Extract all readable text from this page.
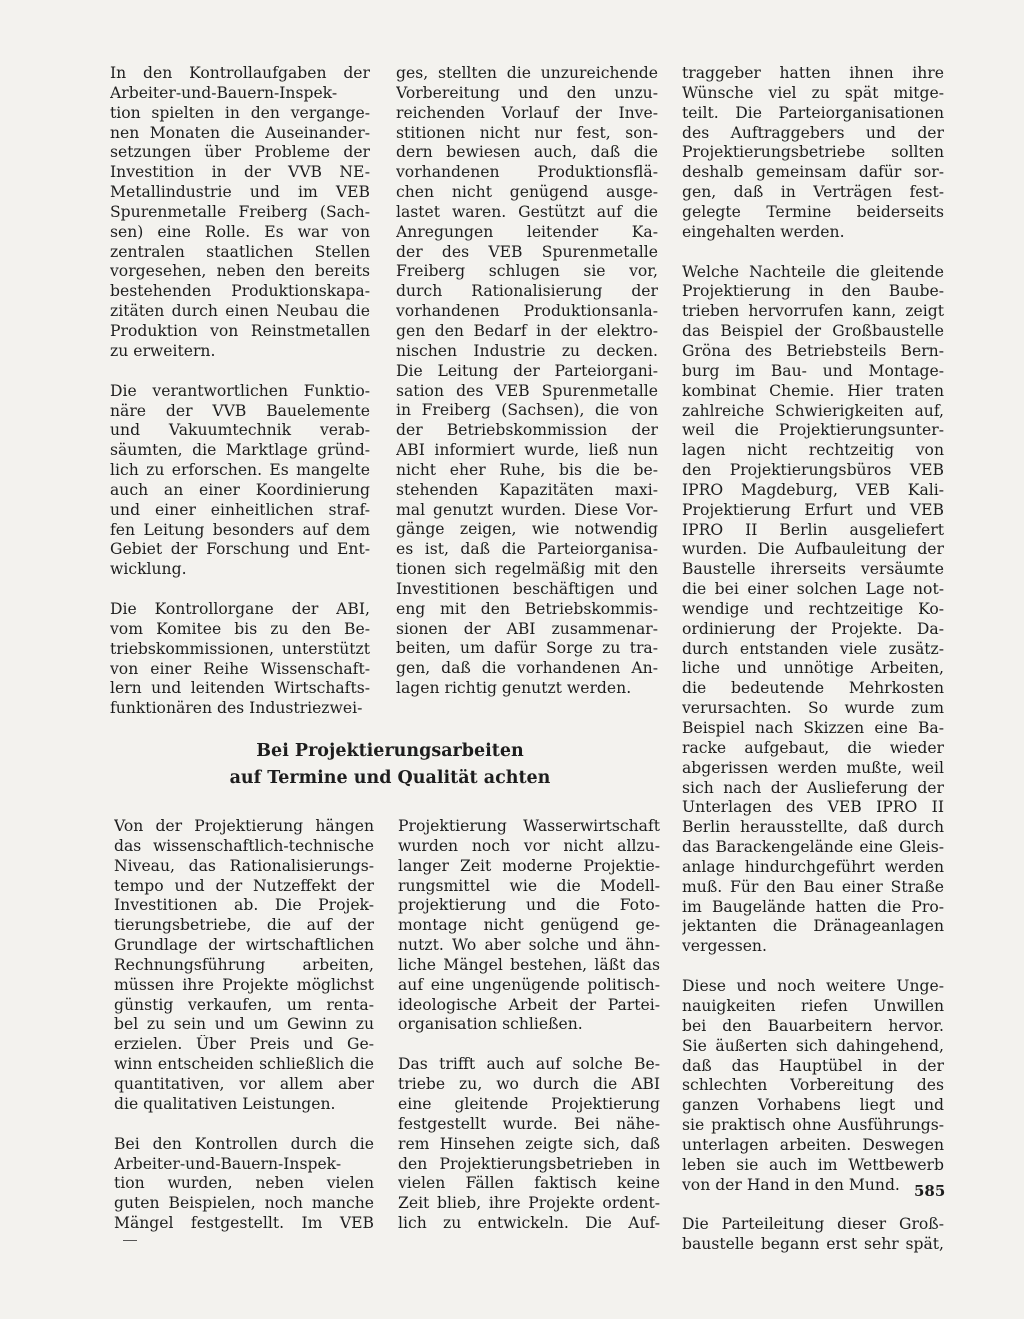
In den Kontrollaufgaben der
Arbeiter-und-Bauern-Inspek-
tion spielten in den vergange-
nen Monaten die Auseinander-
setzungen über Probleme der
Investition in der VVB NE-
Metallindustrie und im VEB
Spurenmetalle Freiberg (Sach-
sen) eine Rolle. Es war von
zentralen staatlichen Stellen
vorgesehen, neben den bereits
bestehenden Produktionskapa-
zitäten durch einen Neubau die
Produktion von Reinstmetallen
zu erweitern.

Die verantwortlichen Funktio-
näre der VVB Bauelemente
und Vakuumtechnik verab-
säumten, die Marktlage gründ-
lich zu erforschen. Es mangelte
auch an einer Koordinierung
und einer einheitlichen straf-
fen Leitung besonders auf dem
Gebiet der Forschung und Ent-
wicklung.

Die Kontrollorgane der ABI,
vom Komitee bis zu den Be-
triebskommissionen, unterstützt
von einer Reihe Wissenschaft-
lern und leitenden Wirtschafts-
funktionären des Industriezwei-

ges, stellten die unzureichende
Vorbereitung und den unzu-
reichenden Vorlauf der Inve-
stitionen nicht nur fest, son-
dern bewiesen auch, daß die
vorhandenen Produktionsflä-
chen nicht genügend ausge-
lastet waren. Gestützt auf die
Anregungen leitender Ka-
der des VEB Spurenmetalle
Freiberg schlugen sie vor,
durch Rationalisierung der
vorhandenen Produktionsanla-
gen den Bedarf in der elektro-
nischen Industrie zu decken.
Die Leitung der Parteiorgani-
sation des VEB Spurenmetalle
in Freiberg (Sachsen), die von
der Betriebskommission der
ABI informiert wurde, ließ nun
nicht eher Ruhe, bis die be-
stehenden Kapazitäten maxi-
mal genutzt wurden. Diese Vor-
gänge zeigen, wie notwendig
es ist, daß die Parteiorganisa-
tionen sich regelmäßig mit den
Investitionen beschäftigen und
eng mit den Betriebskommis-
sionen der ABI zusammenar-
beiten, um dafür Sorge zu tra-
gen, daß die vorhandenen An-
lagen richtig genutzt werden.

traggeber hatten ihnen ihre
Wünsche viel zu spät mitge-
teilt. Die Parteiorganisationen
des Auftraggebers und der
Projektierungsbetriebe sollten
deshalb gemeinsam dafür sor-
gen, daß in Verträgen fest-
gelegte Termine beiderseits
eingehalten werden.

Welche Nachteile die gleitende
Projektierung in den Baube-
trieben hervorrufen kann, zeigt
das Beispiel der Großbaustelle
Gröna des Betriebsteils Bern-
burg im Bau- und Montage-
kombinat Chemie. Hier traten
zahlreiche Schwierigkeiten auf,
weil die Projektierungsunter-
lagen nicht rechtzeitig von
den Projektierungsbüros VEB
IPRO Magdeburg, VEB Kali-
Projektierung Erfurt und VEB
IPRO II Berlin ausgeliefert
wurden. Die Aufbauleitung der
Baustelle ihrerseits versäumte
die bei einer solchen Lage not-
wendige und rechtzeitige Ko-
ordinierung der Projekte. Da-
durch entstanden viele zusätz-
liche und unnötige Arbeiten,
die bedeutende Mehrkosten
verursachten. So wurde zum
Beispiel nach Skizzen eine Ba-
racke aufgebaut, die wieder
abgerissen werden mußte, weil
sich nach der Auslieferung der
Unterlagen des VEB IPRO II
Berlin herausstellte, daß durch
das Barackengelände eine Gleis-
anlage hindurchgeführt werden
muß. Für den Bau einer Straße
im Baugelände hatten die Pro-
jektanten die Dränageanlagen
vergessen.

Diese und noch weitere Unge-
nauigkeiten riefen Unwillen
bei den Bauarbeitern hervor.
Sie äußerten sich dahingehend,
daß das Hauptübel in der
schlechten Vorbereitung des
ganzen Vorhabens liegt und
sie praktisch ohne Ausführungs-
unterlagen arbeiten. Deswegen
leben sie auch im Wettbewerb
von der Hand in den Mund.

Die Parteileitung dieser Groß-
baustelle begann erst sehr spät,

Bei Projektierungsarbeiten
auf Termine und Qualität achten

Von der Projektierung hängen
das wissenschaftlich-technische
Niveau, das Rationalisierungs-
tempo und der Nutzeffekt der
Investitionen ab. Die Projek-
tierungsbetriebe, die auf der
Grundlage der wirtschaftlichen
Rechnungsführung arbeiten,
müssen ihre Projekte möglichst
günstig verkaufen, um renta-
bel zu sein und um Gewinn zu
erzielen. Über Preis und Ge-
winn entscheiden schließlich die
quantitativen, vor allem aber
die qualitativen Leistungen.

Bei den Kontrollen durch die
Arbeiter-und-Bauern-Inspek-
tion wurden, neben vielen
guten Beispielen, noch manche
Mängel festgestellt. Im VEB

Projektierung Wasserwirtschaft
wurden noch vor nicht allzu-
langer Zeit moderne Projektie-
rungsmittel wie die Modell-
projektierung und die Foto-
montage nicht genügend ge-
nutzt. Wo aber solche und ähn-
liche Mängel bestehen, läßt das
auf eine ungenügende politisch-
ideologische Arbeit der Partei-
organisation schließen.

Das trifft auch auf solche Be-
triebe zu, wo durch die ABI
eine gleitende Projektierung
festgestellt wurde. Bei nähe-
rem Hinsehen zeigte sich, daß
den Projektierungsbetrieben in
vielen Fällen faktisch keine
Zeit blieb, ihre Projekte ordent-
lich zu entwickeln. Die Auf-

585
